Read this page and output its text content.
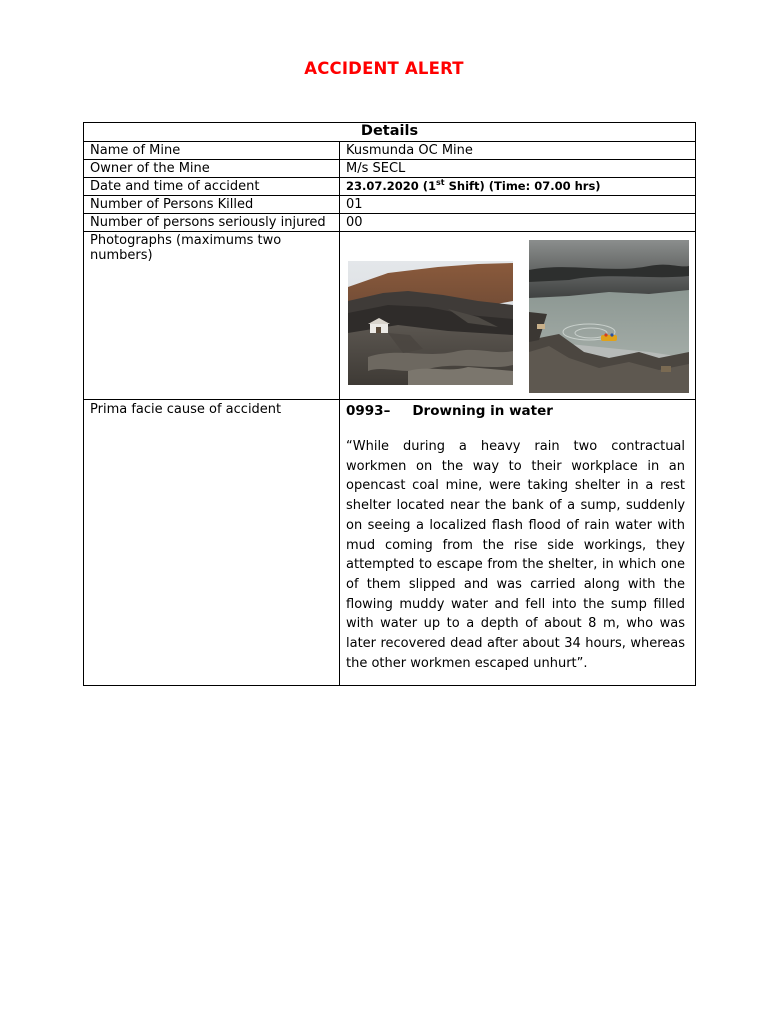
ACCIDENT ALERT
Details	
Name of Mine	Kusmunda OC Mine
Owner of the Mine	M/s SECL
Date and time of accident	23.07.2020 (1st Shift) (Time: 07.00 hrs)
Number of Persons Killed	01
Number of persons seriously injured	00
Photographs (maximums two numbers)	

Prima facie cause of accident	0993– Drowning in water
“While during a heavy rain two contractual workmen on the way to their workplace in an opencast coal mine, were taking shelter in a rest shelter located near the bank of a sump, suddenly on seeing a localized flash flood of rain water with mud coming from the rise side workings, they attempted to escape from the shelter, in which one of them slipped and was carried along with the flowing muddy water and fell into the sump filled with water up to a depth of about 8 m, who was later recovered dead after about 34 hours, whereas the other workmen escaped unhurt”.
